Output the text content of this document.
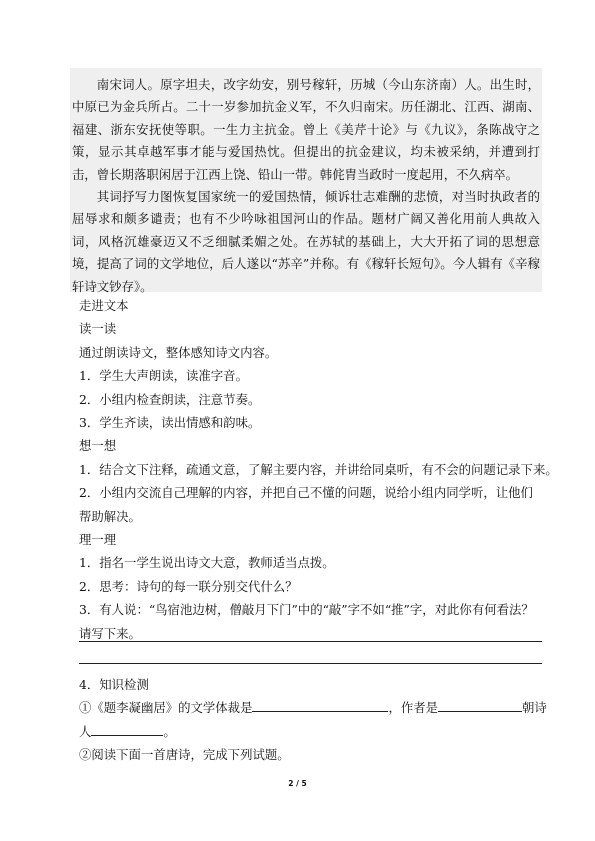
南宋词人。原字坦夫，改字幼安，别号稼轩，历城（今山东济南）人。出生时，中原已为金兵所占。二十一岁参加抗金义军，不久归南宋。历任湖北、江西、湖南、福建、浙东安抚使等职。一生力主抗金。曾上《美芹十论》与《九议》，条陈战守之策，显示其卓越军事才能与爱国热忱。但提出的抗金建议，均未被采纳，并遭到打击，曾长期落职闲居于江西上饶、铅山一带。韩侂胄当政时一度起用，不久病卒。

其词抒写力图恢复国家统一的爱国热情，倾诉壮志难酬的悲愤，对当时执政者的屈辱求和颇多谴责；也有不少吟咏祖国河山的作品。题材广阔又善化用前人典故入词，风格沉雄豪迈又不乏细腻柔媚之处。在苏轼的基础上，大大开拓了词的思想意境，提高了词的文学地位，后人遂以“苏辛”并称。有《稼轩长短句》。今人辑有《辛稼轩诗文钞存》。

走进文本

读一读

通过朗读诗文，整体感知诗文内容。

1．学生大声朗读，读准字音。

2．小组内检查朗读，注意节奏。

3．学生齐读，读出情感和韵味。

想一想

1．结合文下注释，疏通文意，了解主要内容，并讲给同桌听，有不会的问题记录下来。

2．小组内交流自己理解的内容，并把自己不懂的问题，说给小组内同学听，让他们帮助解决。

理一理

1．指名一学生说出诗文大意，教师适当点拨。

2．思考：诗句的每一联分别交代什么？

3．有人说：“鸟宿池边树，僧敲月下门”中的“敲”字不如“推”字，对此你有何看法？请写下来。

4．知识检测

①《题李凝幽居》的文学体裁是	，作者是	朝诗

人	。

②阅读下面一首唐诗，完成下列试题。

2 / 5
